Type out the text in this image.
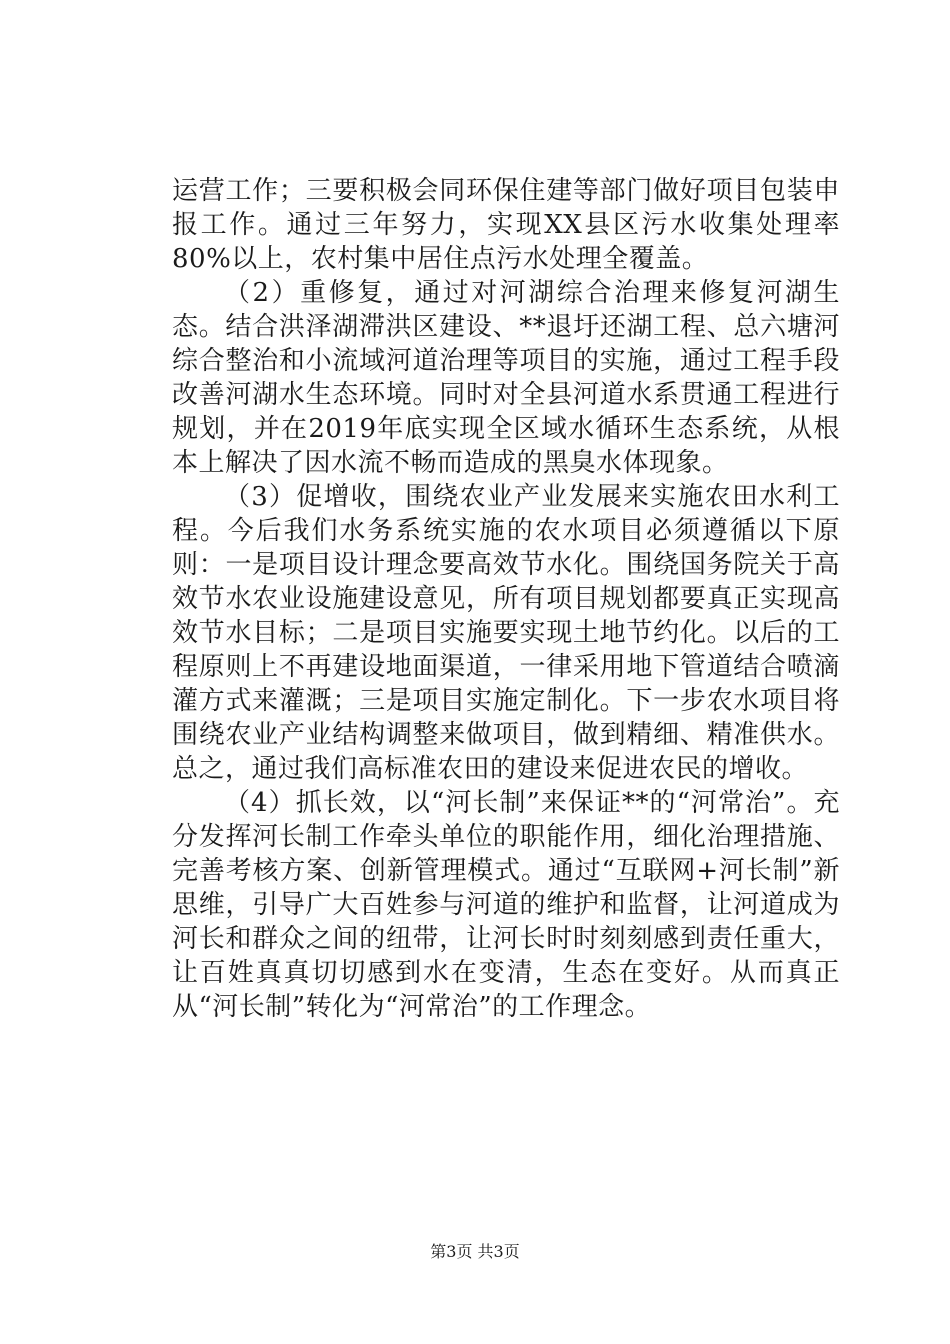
运营工作；三要积极会同环保住建等部门做好项目包装申报工作。通过三年努力，实现XX县区污水收集处理率80%以上，农村集中居住点污水处理全覆盖。

（2）重修复，通过对河湖综合治理来修复河湖生态。结合洪泽湖滞洪区建设、**退圩还湖工程、总六塘河综合整治和小流域河道治理等项目的实施，通过工程手段改善河湖水生态环境。同时对全县河道水系贯通工程进行规划，并在2019年底实现全区域水循环生态系统，从根本上解决了因水流不畅而造成的黑臭水体现象。

（3）促增收，围绕农业产业发展来实施农田水利工程。今后我们水务系统实施的农水项目必须遵循以下原则：一是项目设计理念要高效节水化。围绕国务院关于高效节水农业设施建设意见，所有项目规划都要真正实现高效节水目标；二是项目实施要实现土地节约化。以后的工程原则上不再建设地面渠道，一律采用地下管道结合喷滴灌方式来灌溉；三是项目实施定制化。下一步农水项目将围绕农业产业结构调整来做项目，做到精细、精准供水。总之，通过我们高标准农田的建设来促进农民的增收。

（4）抓长效，以“河长制”来保证**的“河常治”。充分发挥河长制工作牵头单位的职能作用，细化治理措施、完善考核方案、创新管理模式。通过“互联网+河长制”新思维，引导广大百姓参与河道的维护和监督，让河道成为河长和群众之间的纽带，让河长时时刻刻感到责任重大，让百姓真真切切感到水在变清，生态在变好。从而真正从“河长制”转化为“河常治”的工作理念。

第3页 共3页
